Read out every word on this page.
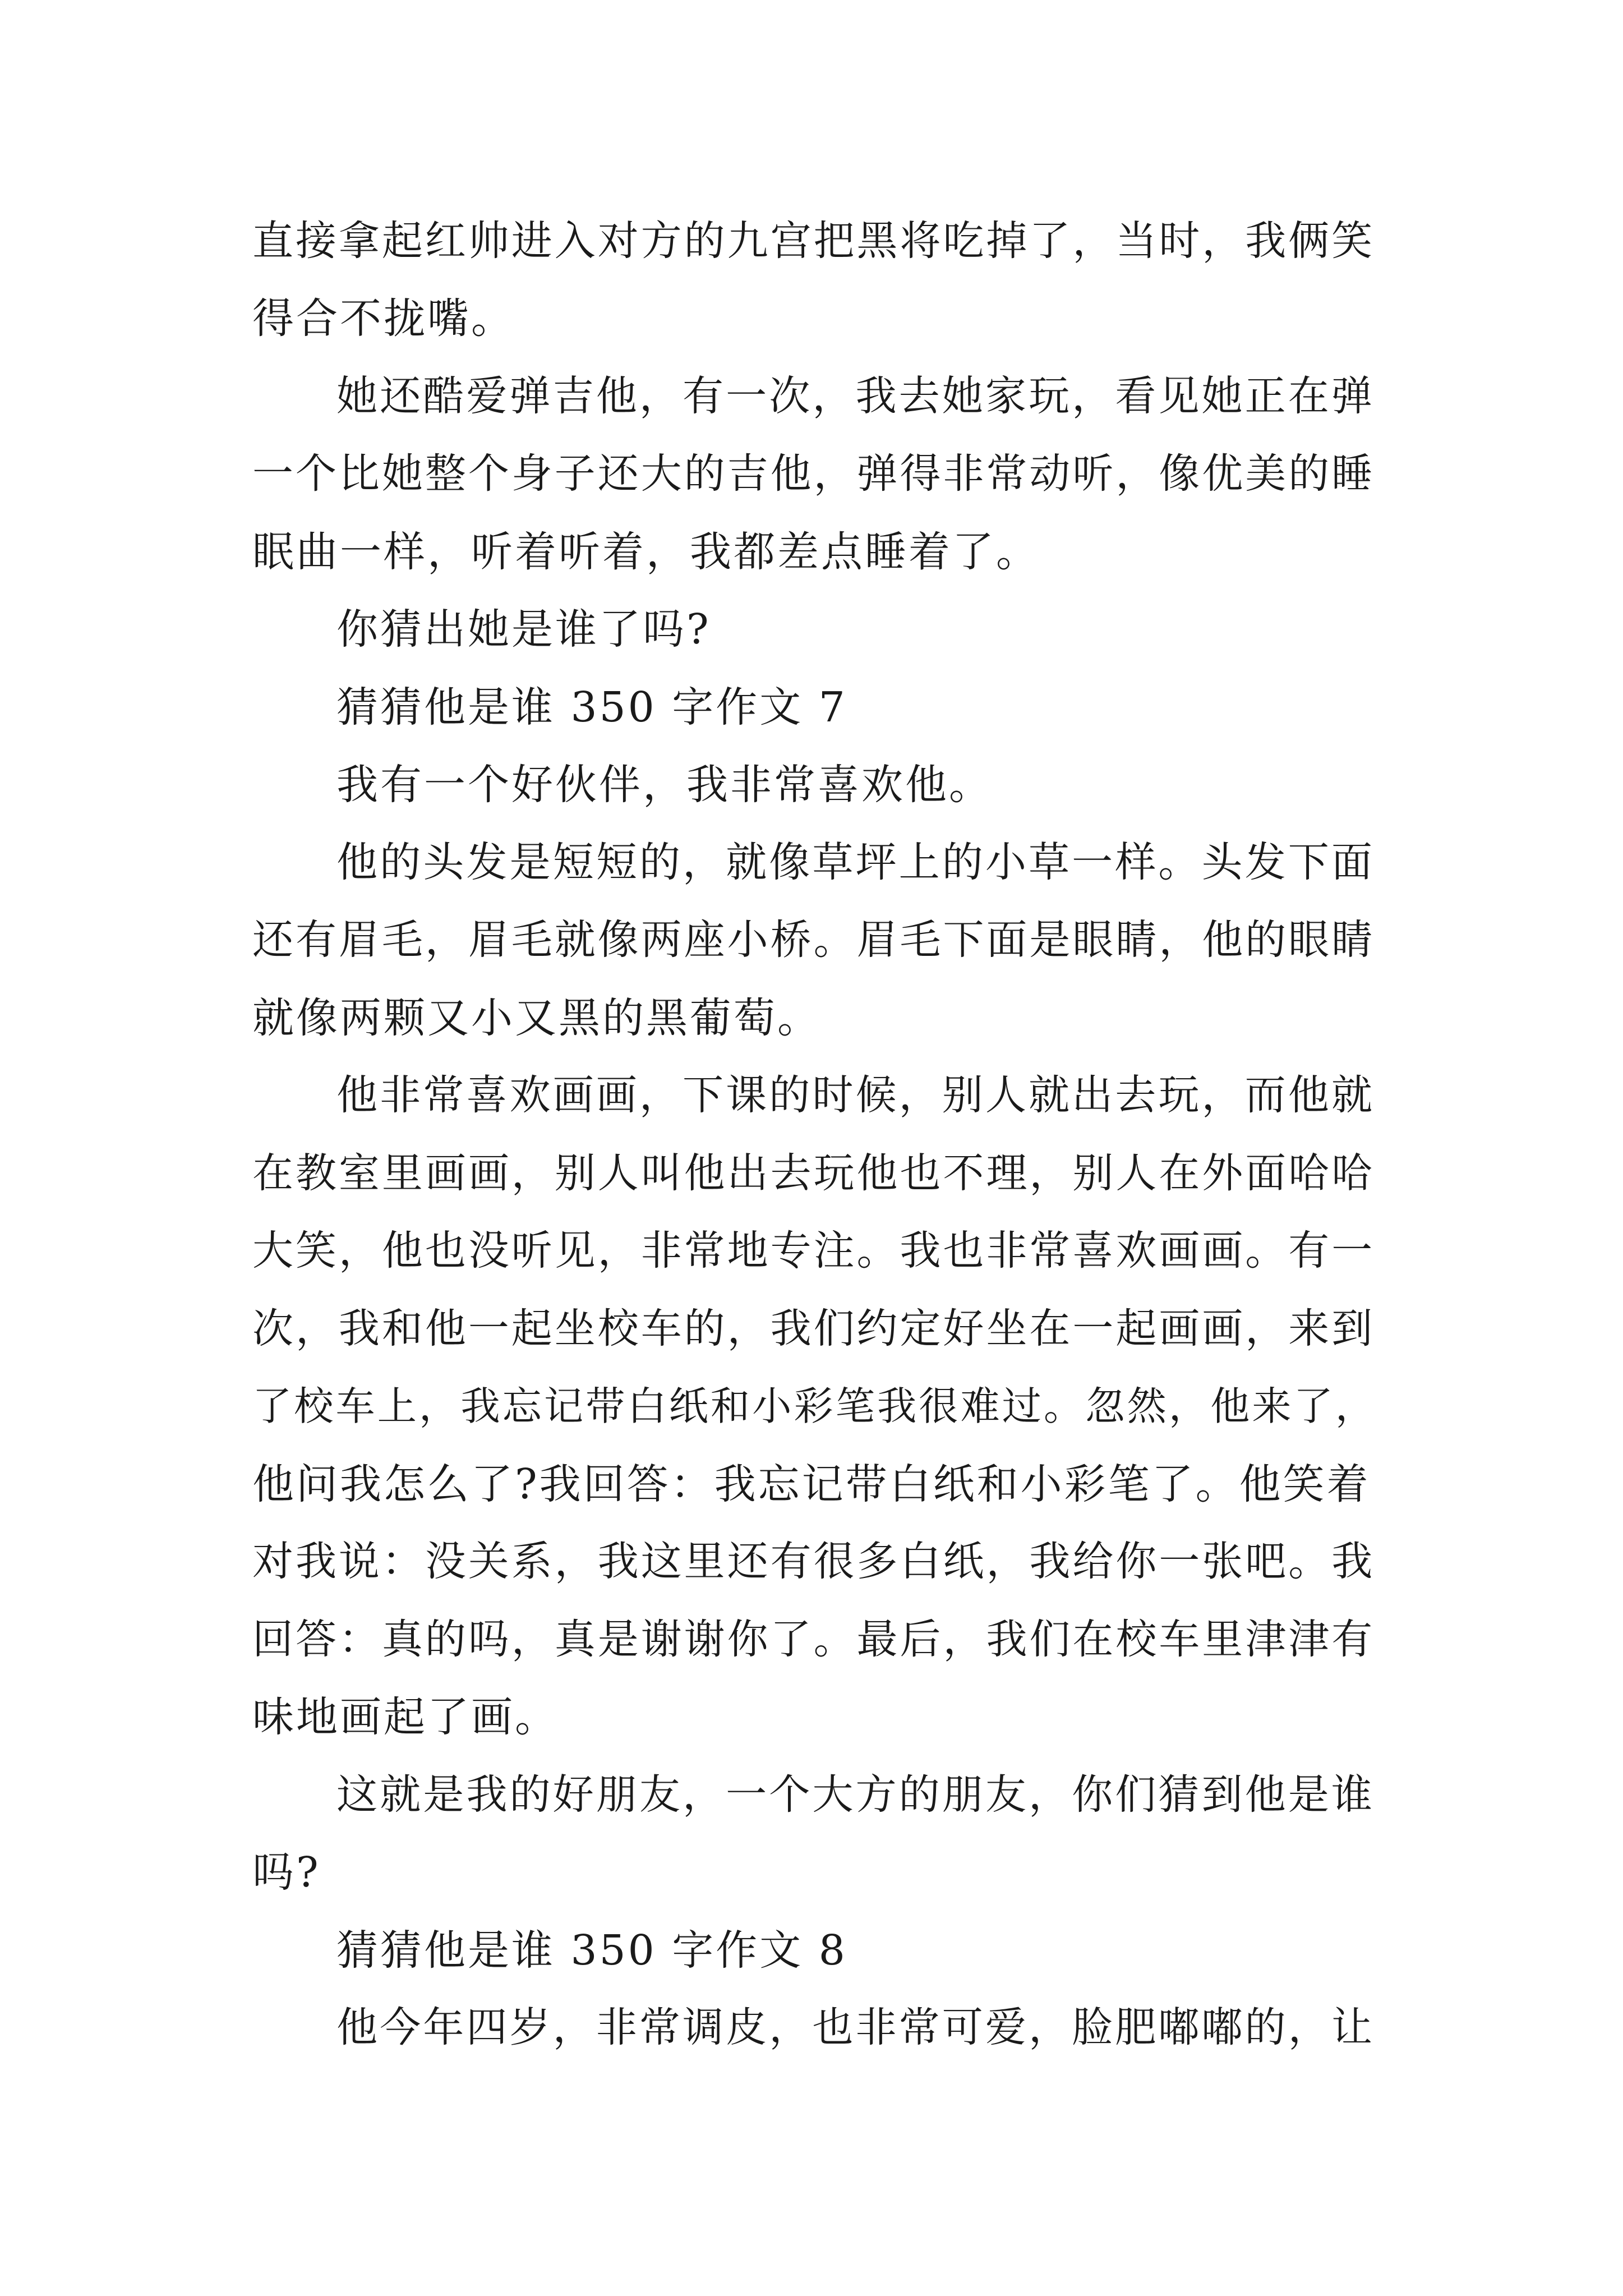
直接拿起红帅进入对方的九宫把黑将吃掉了，当时，我俩笑
得合不拢嘴。
她还酷爱弹吉他，有一次，我去她家玩，看见她正在弹
一个比她整个身子还大的吉他，弹得非常动听，像优美的睡
眠曲一样，听着听着，我都差点睡着了。
你猜出她是谁了吗?
猜猜他是谁 350 字作文 7
我有一个好伙伴，我非常喜欢他。
他的头发是短短的，就像草坪上的小草一样。头发下面
还有眉毛，眉毛就像两座小桥。眉毛下面是眼睛，他的眼睛
就像两颗又小又黑的黑葡萄。
他非常喜欢画画，下课的时候，别人就出去玩，而他就
在教室里画画，别人叫他出去玩他也不理，别人在外面哈哈
大笑，他也没听见，非常地专注。我也非常喜欢画画。有一
次，我和他一起坐校车的，我们约定好坐在一起画画，来到
了校车上，我忘记带白纸和小彩笔我很难过。忽然，他来了，
他问我怎么了?我回答：我忘记带白纸和小彩笔了。他笑着
对我说：没关系，我这里还有很多白纸，我给你一张吧。我
回答：真的吗，真是谢谢你了。最后，我们在校车里津津有
味地画起了画。
这就是我的好朋友，一个大方的朋友，你们猜到他是谁
吗?
猜猜他是谁 350 字作文 8
他今年四岁，非常调皮，也非常可爱，脸肥嘟嘟的，让
